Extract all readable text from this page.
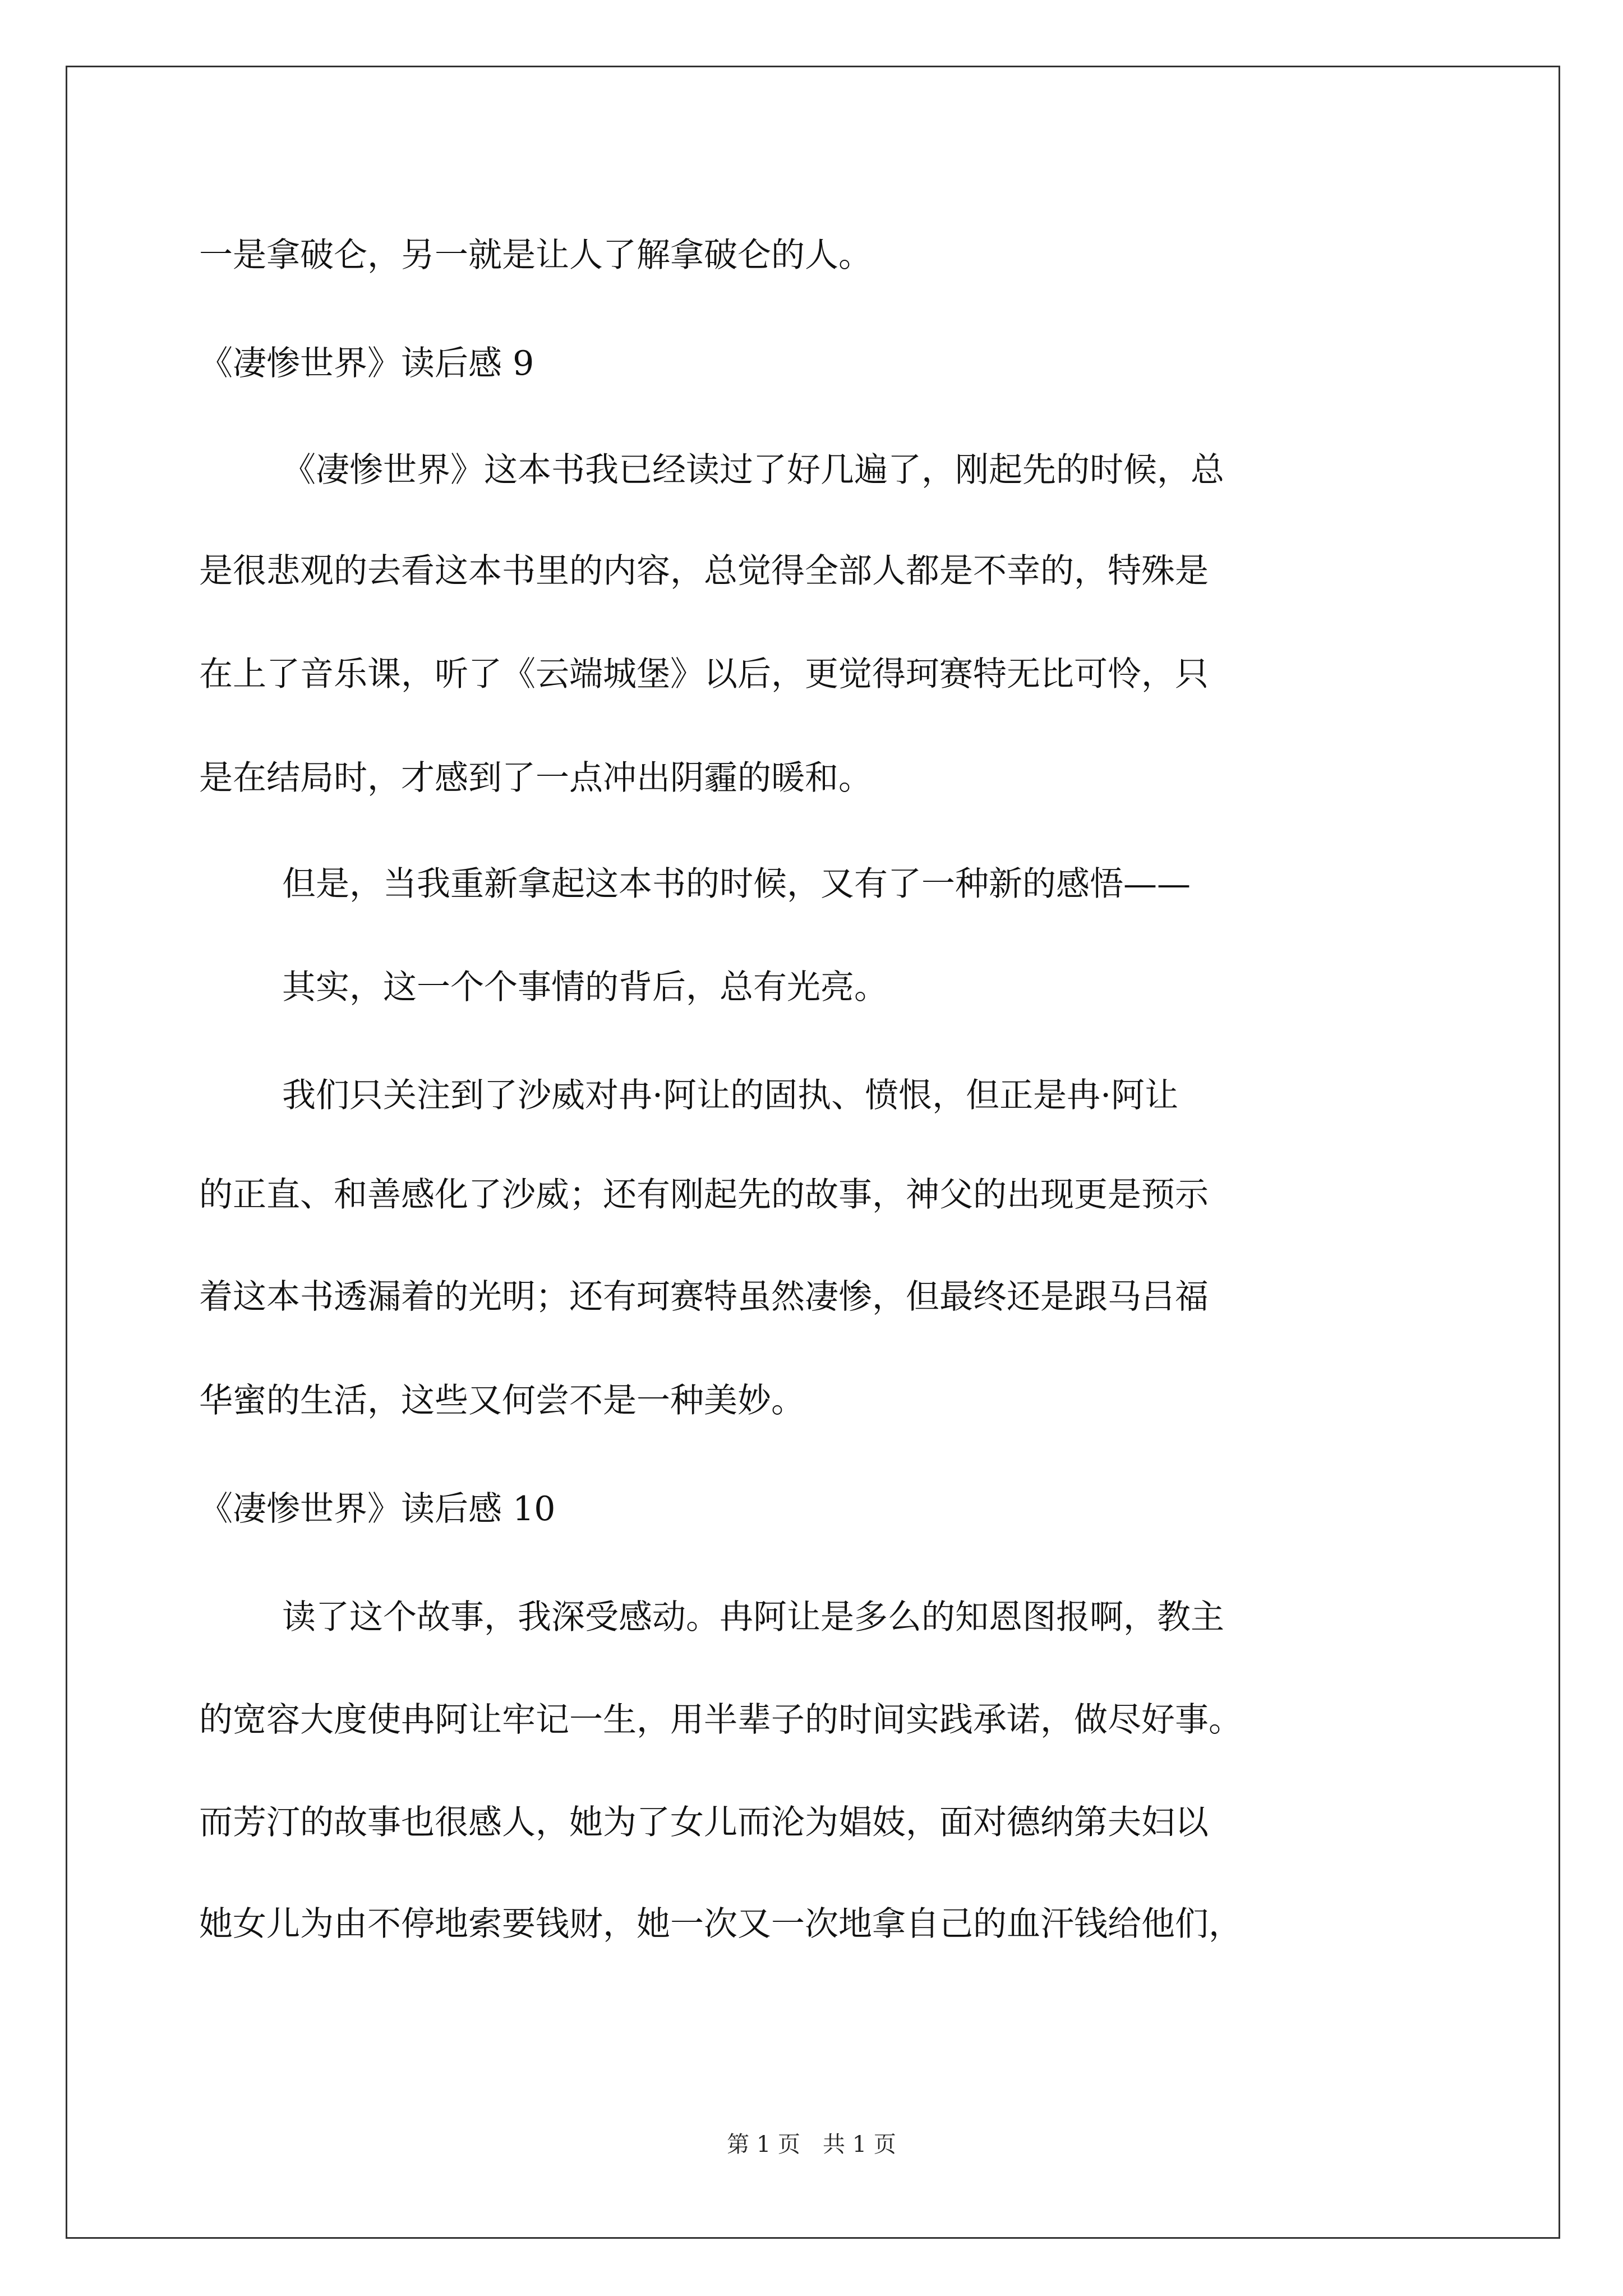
一是拿破仑，另一就是让人了解拿破仑的人。
《凄惨世界》读后感 9
《凄惨世界》这本书我已经读过了好几遍了，刚起先的时候，总
是很悲观的去看这本书里的内容，总觉得全部人都是不幸的，特殊是
在上了音乐课，听了《云端城堡》以后，更觉得珂赛特无比可怜，只
是在结局时，才感到了一点冲出阴霾的暖和。
但是，当我重新拿起这本书的时候，又有了一种新的感悟——
其实，这一个个事情的背后，总有光亮。
我们只关注到了沙威对冉·阿让的固执、愤恨，但正是冉·阿让
的正直、和善感化了沙威；还有刚起先的故事，神父的出现更是预示
着这本书透漏着的光明；还有珂赛特虽然凄惨，但最终还是跟马吕福
华蜜的生活，这些又何尝不是一种美妙。
《凄惨世界》读后感 10
读了这个故事，我深受感动。冉阿让是多么的知恩图报啊，教主
的宽容大度使冉阿让牢记一生，用半辈子的时间实践承诺，做尽好事。
而芳汀的故事也很感人，她为了女儿而沦为娼妓，面对德纳第夫妇以
她女儿为由不停地索要钱财，她一次又一次地拿自己的血汗钱给他们，
第 1 页　共 1 页
